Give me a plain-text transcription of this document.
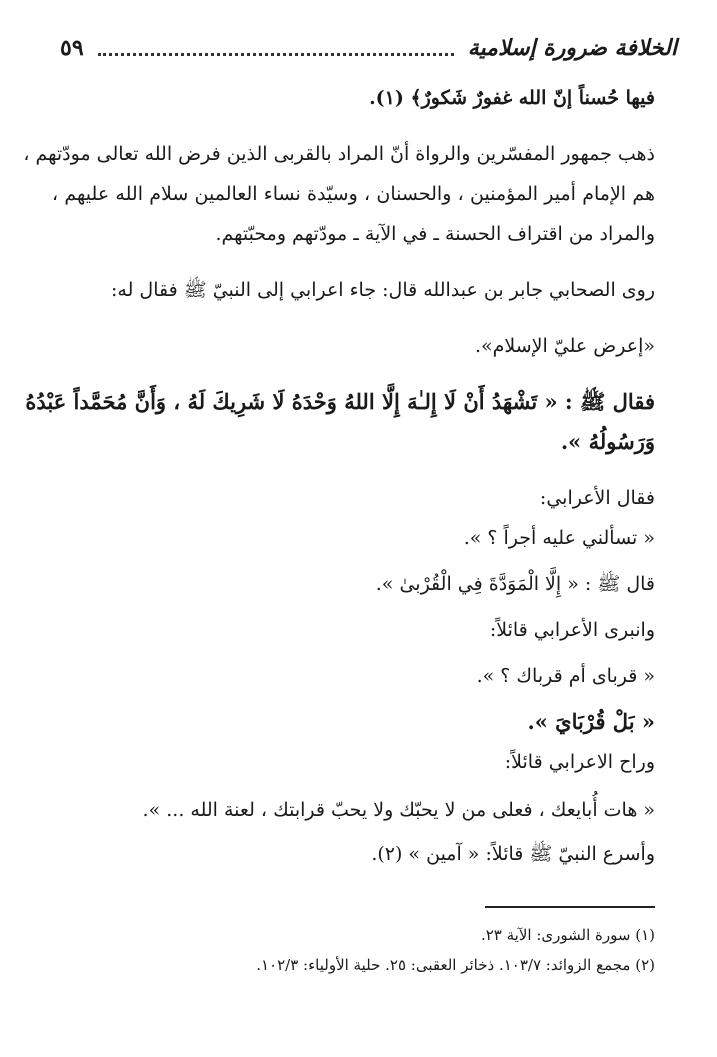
الخلافة ضرورة إسلامية
٥٩
فيها حُسناً إنّ الله غفورٌ شَكورٌ﴾ (١).
ذهب جمهور المفسّرين والرواة أنّ المراد بالقربى الذين فرض الله تعالى مودّتهم ،
هم الإمام أمير المؤمنين ، والحسنان ، وسيّدة نساء العالمين سلام الله عليهم ،
والمراد من اقتراف الحسنة ـ في الآية ـ مودّتهم ومحبّتهم.
روى الصحابي جابر بن عبدالله قال: جاء اعرابي إلى النبيّ ﷺ فقال له:
«إعرض عليّ الإسلام».
فقال ﷺ : « تَشْهَدُ أَنْ لَا إِلـٰهَ إِلَّا اللهُ وَحْدَهُ لَا شَرِيكَ لَهُ ، وَأَنَّ مُحَمَّداً عَبْدُهُ
وَرَسُولُهُ ».
فقال الأعرابي:
« تسألني عليه أجراً ؟ ».
قال ﷺ : « إِلَّا الْمَوَدَّةَ فِي الْقُرْبىٰ ».
وانبرى الأعرابي قائلاً:
« قربای أم قرباك ؟ ».
« بَلْ قُرْبَايَ ».
وراح الاعرابي قائلاً:
« هات أُبايعك ، فعلى من لا يحبّك ولا يحبّ قرابتك ، لعنة الله ... ».
وأسرع النبيّ ﷺ قائلاً: « آمين » (٢).
(١) سورة الشورى: الآية ٢٣.
(٢) مجمع الزوائد: ١٠٣/٧. ذخائر العقبى: ٢٥. حلية الأولياء: ١٠٢/٣.
